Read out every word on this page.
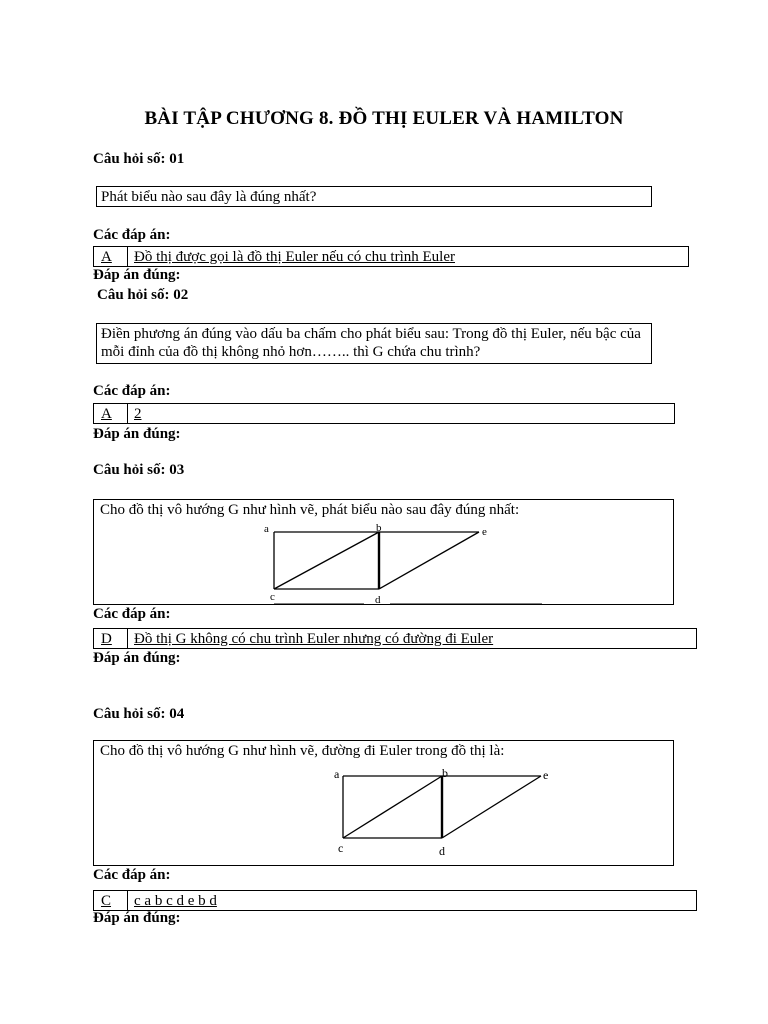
BÀI TẬP CHƯƠNG 8. ĐỒ THỊ EULER VÀ HAMILTON
Câu hỏi số: 01
Phát biểu nào sau đây là đúng nhất?
Các đáp án:
A	Đồ thị được gọi là đồ thị Euler nếu có chu trình Euler
Đáp án đúng:
Câu hỏi số: 02
Điền phương án đúng vào dấu ba chấm cho phát biểu sau: Trong đồ thị Euler, nếu bậc của mỗi đỉnh của đồ thị không nhỏ hơn…….. thì G chứa chu trình?
Các đáp án:
A	2
Đáp án đúng:
Câu hỏi số: 03
Cho đồ thị vô hướng G như hình vẽ, phát biểu nào sau đây đúng nhất:
a	b	e
c	d
Các đáp án:
D	Đồ thị G không có chu trình Euler nhưng có đường đi Euler
Đáp án đúng:
Câu hỏi số: 04
Cho đồ thị vô hướng G như hình vẽ, đường đi Euler trong đồ thị là:
a	b	e
c	d
Các đáp án:
C	c a b c d e b d
Đáp án đúng:
